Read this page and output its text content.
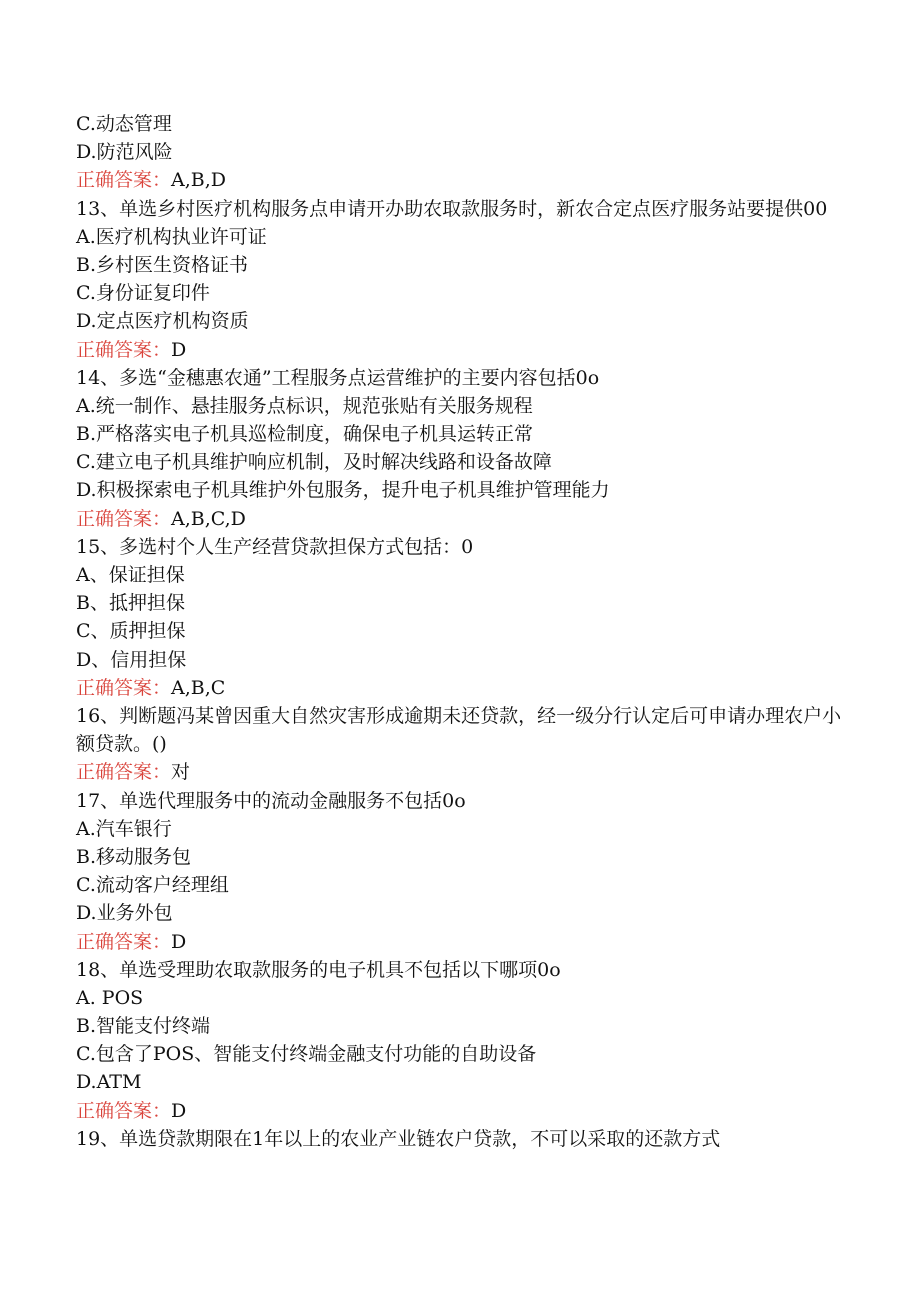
C.动态管理
D.防范风险
正确答案：A,B,D
13、单选乡村医疗机构服务点申请开办助农取款服务时，新农合定点医疗服务站要提供00
A.医疗机构执业许可证
B.乡村医生资格证书
C.身份证复印件
D.定点医疗机构资质
正确答案：D
14、多选“金穗惠农通”工程服务点运营维护的主要内容包括0o
A.统一制作、悬挂服务点标识，规范张贴有关服务规程
B.严格落实电子机具巡检制度，确保电子机具运转正常
C.建立电子机具维护响应机制，及时解决线路和设备故障
D.积极探索电子机具维护外包服务，提升电子机具维护管理能力
正确答案：A,B,C,D
15、多选村个人生产经营贷款担保方式包括：0
A、保证担保
B、抵押担保
C、质押担保
D、信用担保
正确答案：A,B,C
16、判断题冯某曾因重大自然灾害形成逾期未还贷款，经一级分行认定后可申请办理农户小额贷款。()
正确答案：对
17、单选代理服务中的流动金融服务不包括0o
A.汽车银行
B.移动服务包
C.流动客户经理组
D.业务外包
正确答案：D
18、单选受理助农取款服务的电子机具不包括以下哪项0o
A. POS
B.智能支付终端
C.包含了POS、智能支付终端金融支付功能的自助设备
D.ATM
正确答案：D
19、单选贷款期限在1年以上的农业产业链农户贷款，不可以采取的还款方式
